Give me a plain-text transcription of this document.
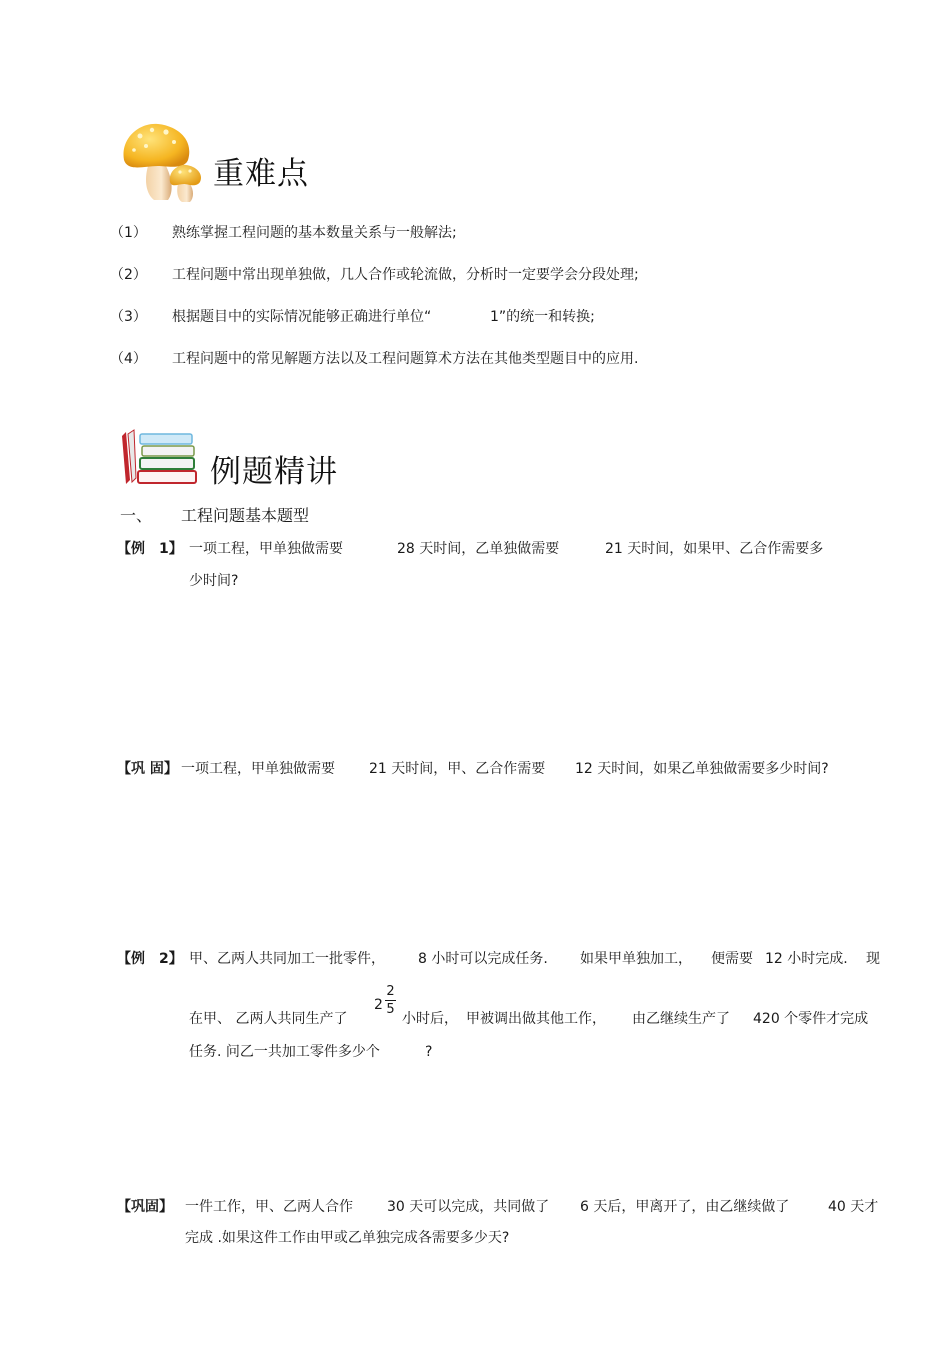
重难点
（1） 熟练掌握工程问题的基本数量关系与一般解法;
（2） 工程问题中常出现单独做，几人合作或轮流做，分析时一定要学会分段处理;
（3） 根据题目中的实际情况能够正确进行单位“	1”的统一和转换;
（4） 工程问题中的常见解题方法以及工程问题算术方法在其他类型题目中的应用.
例题精讲
一、 工程问题基本题型
【例　1】 一项工程，甲单独做需要	28 天时间，乙单独做需要	21 天时间，如果甲、乙合作需要多
少时间?
【巩 固】 一项工程，甲单独做需要 21 天时间，甲、乙合作需要 12 天时间，如果乙单独做需要多少时间?
【例　2】 甲、乙两人共同加工一批零件， 8 小时可以完成任务. 如果甲单独加工， 便需要 12 小时完成. 现
在甲、 乙两人共同生产了
2
2
5
小时后， 甲被调出做其他工作， 由乙继续生产了 420 个零件才完成
任务. 问乙一共加工零件多少个	?
【巩固】 一件工作，甲、乙两人合作 30 天可以完成，共同做了 6 天后，甲离开了，由乙继续做了	40 天才
完成 .如果这件工作由甲或乙单独完成各需要多少天?
